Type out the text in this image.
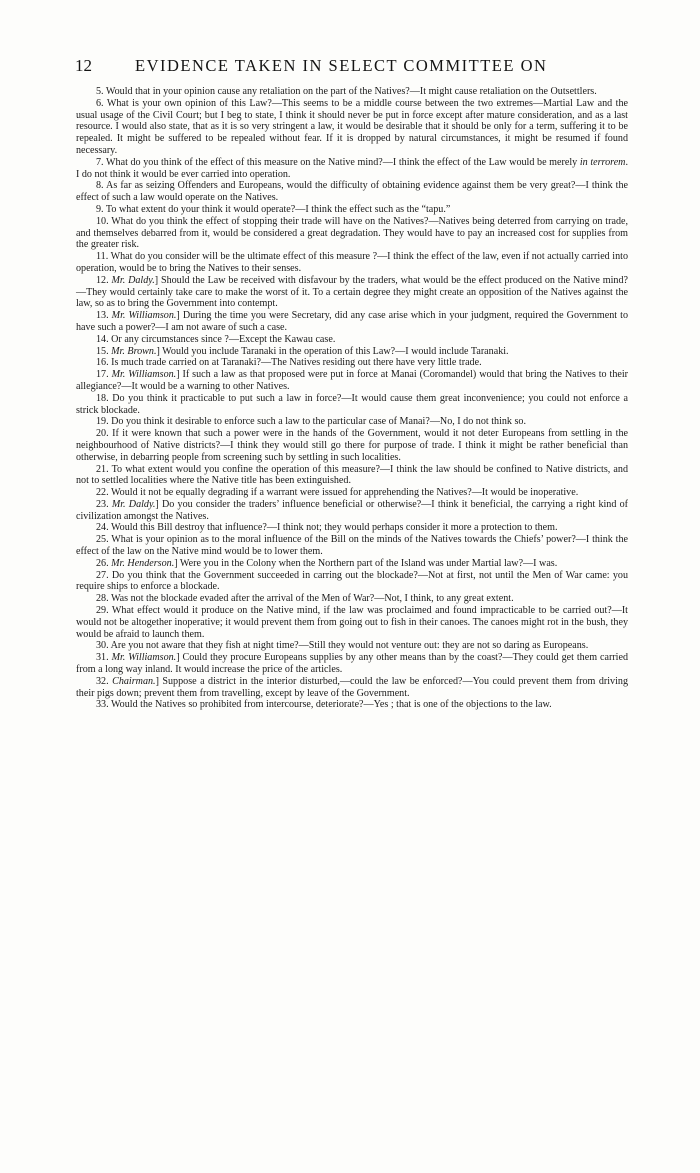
12	EVIDENCE TAKEN IN SELECT COMMITTEE ON

5. Would that in your opinion cause any retaliation on the part of the Natives?—It might cause retaliation on the Outsettlers.

6. What is your own opinion of this Law?—This seems to be a middle course between the two extremes—Martial Law and the usual usage of the Civil Court; but I beg to state, I think it should never be put in force except after mature consideration, and as a last resource. I would also state, that as it is so very stringent a law, it would be desirable that it should be only for a term, suffering it to be repealed. It might be suffered to be repealed without fear. If it is dropped by natural circumstances, it might be resumed if found necessary.

7. What do you think of the effect of this measure on the Native mind?—I think the effect of the Law would be merely in terrorem. I do not think it would be ever carried into operation.

8. As far as seizing Offenders and Europeans, would the difficulty of obtaining evidence against them be very great?—I think the effect of such a law would operate on the Natives.

9. To what extent do your think it would operate?—I think the effect such as the “tapu.”

10. What do you think the effect of stopping their trade will have on the Natives?—Natives being deterred from carrying on trade, and themselves debarred from it, would be considered a great degradation. They would have to pay an increased cost for supplies from the greater risk.

11. What do you consider will be the ultimate effect of this measure ?—I think the effect of the law, even if not actually carried into operation, would be to bring the Natives to their senses.

12. Mr. Daldy.] Should the Law be received with disfavour by the traders, what would be the effect produced on the Native mind?—They would certainly take care to make the worst of it. To a certain degree they might create an opposition of the Natives against the law, so as to bring the Government into contempt.

13. Mr. Williamson.] During the time you were Secretary, did any case arise which in your judgment, required the Government to have such a power?—I am not aware of such a case.

14. Or any circumstances since ?—Except the Kawau case.

15. Mr. Brown.] Would you include Taranaki in the operation of this Law?—I would include Taranaki.

16. Is much trade carried on at Taranaki?—The Natives residing out there have very little trade.

17. Mr. Williamson.] If such a law as that proposed were put in force at Manai (Coromandel) would that bring the Natives to their allegiance?—It would be a warning to other Natives.

18. Do you think it practicable to put such a law in force?—It would cause them great inconvenience; you could not enforce a strick blockade.

19. Do you think it desirable to enforce such a law to the particular case of Manai?—No, I do not think so.

20. If it were known that such a power were in the hands of the Government, would it not deter Europeans from settling in the neighbourhood of Native districts?—I think they would still go there for purpose of trade. I think it might be rather beneficial than otherwise, in debarring people from screening such by settling in such localities.

21. To what extent would you confine the operation of this measure?—I think the law should be confined to Native districts, and not to settled localities where the Native title has been extinguished.

22. Would it not be equally degrading if a warrant were issued for apprehending the Natives?—It would be inoperative.

23. Mr. Daldy.] Do you consider the traders’ influence beneficial or otherwise?—I think it beneficial, the carrying a right kind of civilization amongst the Natives.

24. Would this Bill destroy that influence?—I think not; they would perhaps consider it more a protection to them.

25. What is your opinion as to the moral influence of the Bill on the minds of the Natives towards the Chiefs’ power?—I think the effect of the law on the Native mind would be to lower them.

26. Mr. Henderson.] Were you in the Colony when the Northern part of the Island was under Martial law?—I was.

27. Do you think that the Government succeeded in carring out the blockade?—Not at first, not until the Men of War came: you require ships to enforce a blockade.

28. Was not the blockade evaded after the arrival of the Men of War?—Not, I think, to any great extent.

29. What effect would it produce on the Native mind, if the law was proclaimed and found impracticable to be carried out?—It would not be altogether inoperative; it would prevent them from going out to fish in their canoes. The canoes might rot in the bush, they would be afraid to launch them.

30. Are you not aware that they fish at night time?—Still they would not venture out: they are not so daring as Europeans.

31. Mr. Williamson.] Could they procure Europeans supplies by any other means than by the coast?—They could get them carried from a long way inland. It would increase the price of the articles.

32. Chairman.] Suppose a district in the interior disturbed,—could the law be enforced?—You could prevent them from driving their pigs down; prevent them from travelling, except by leave of the Government.

33. Would the Natives so prohibited from intercourse, deteriorate?—Yes ; that is one of the objections to the law.
